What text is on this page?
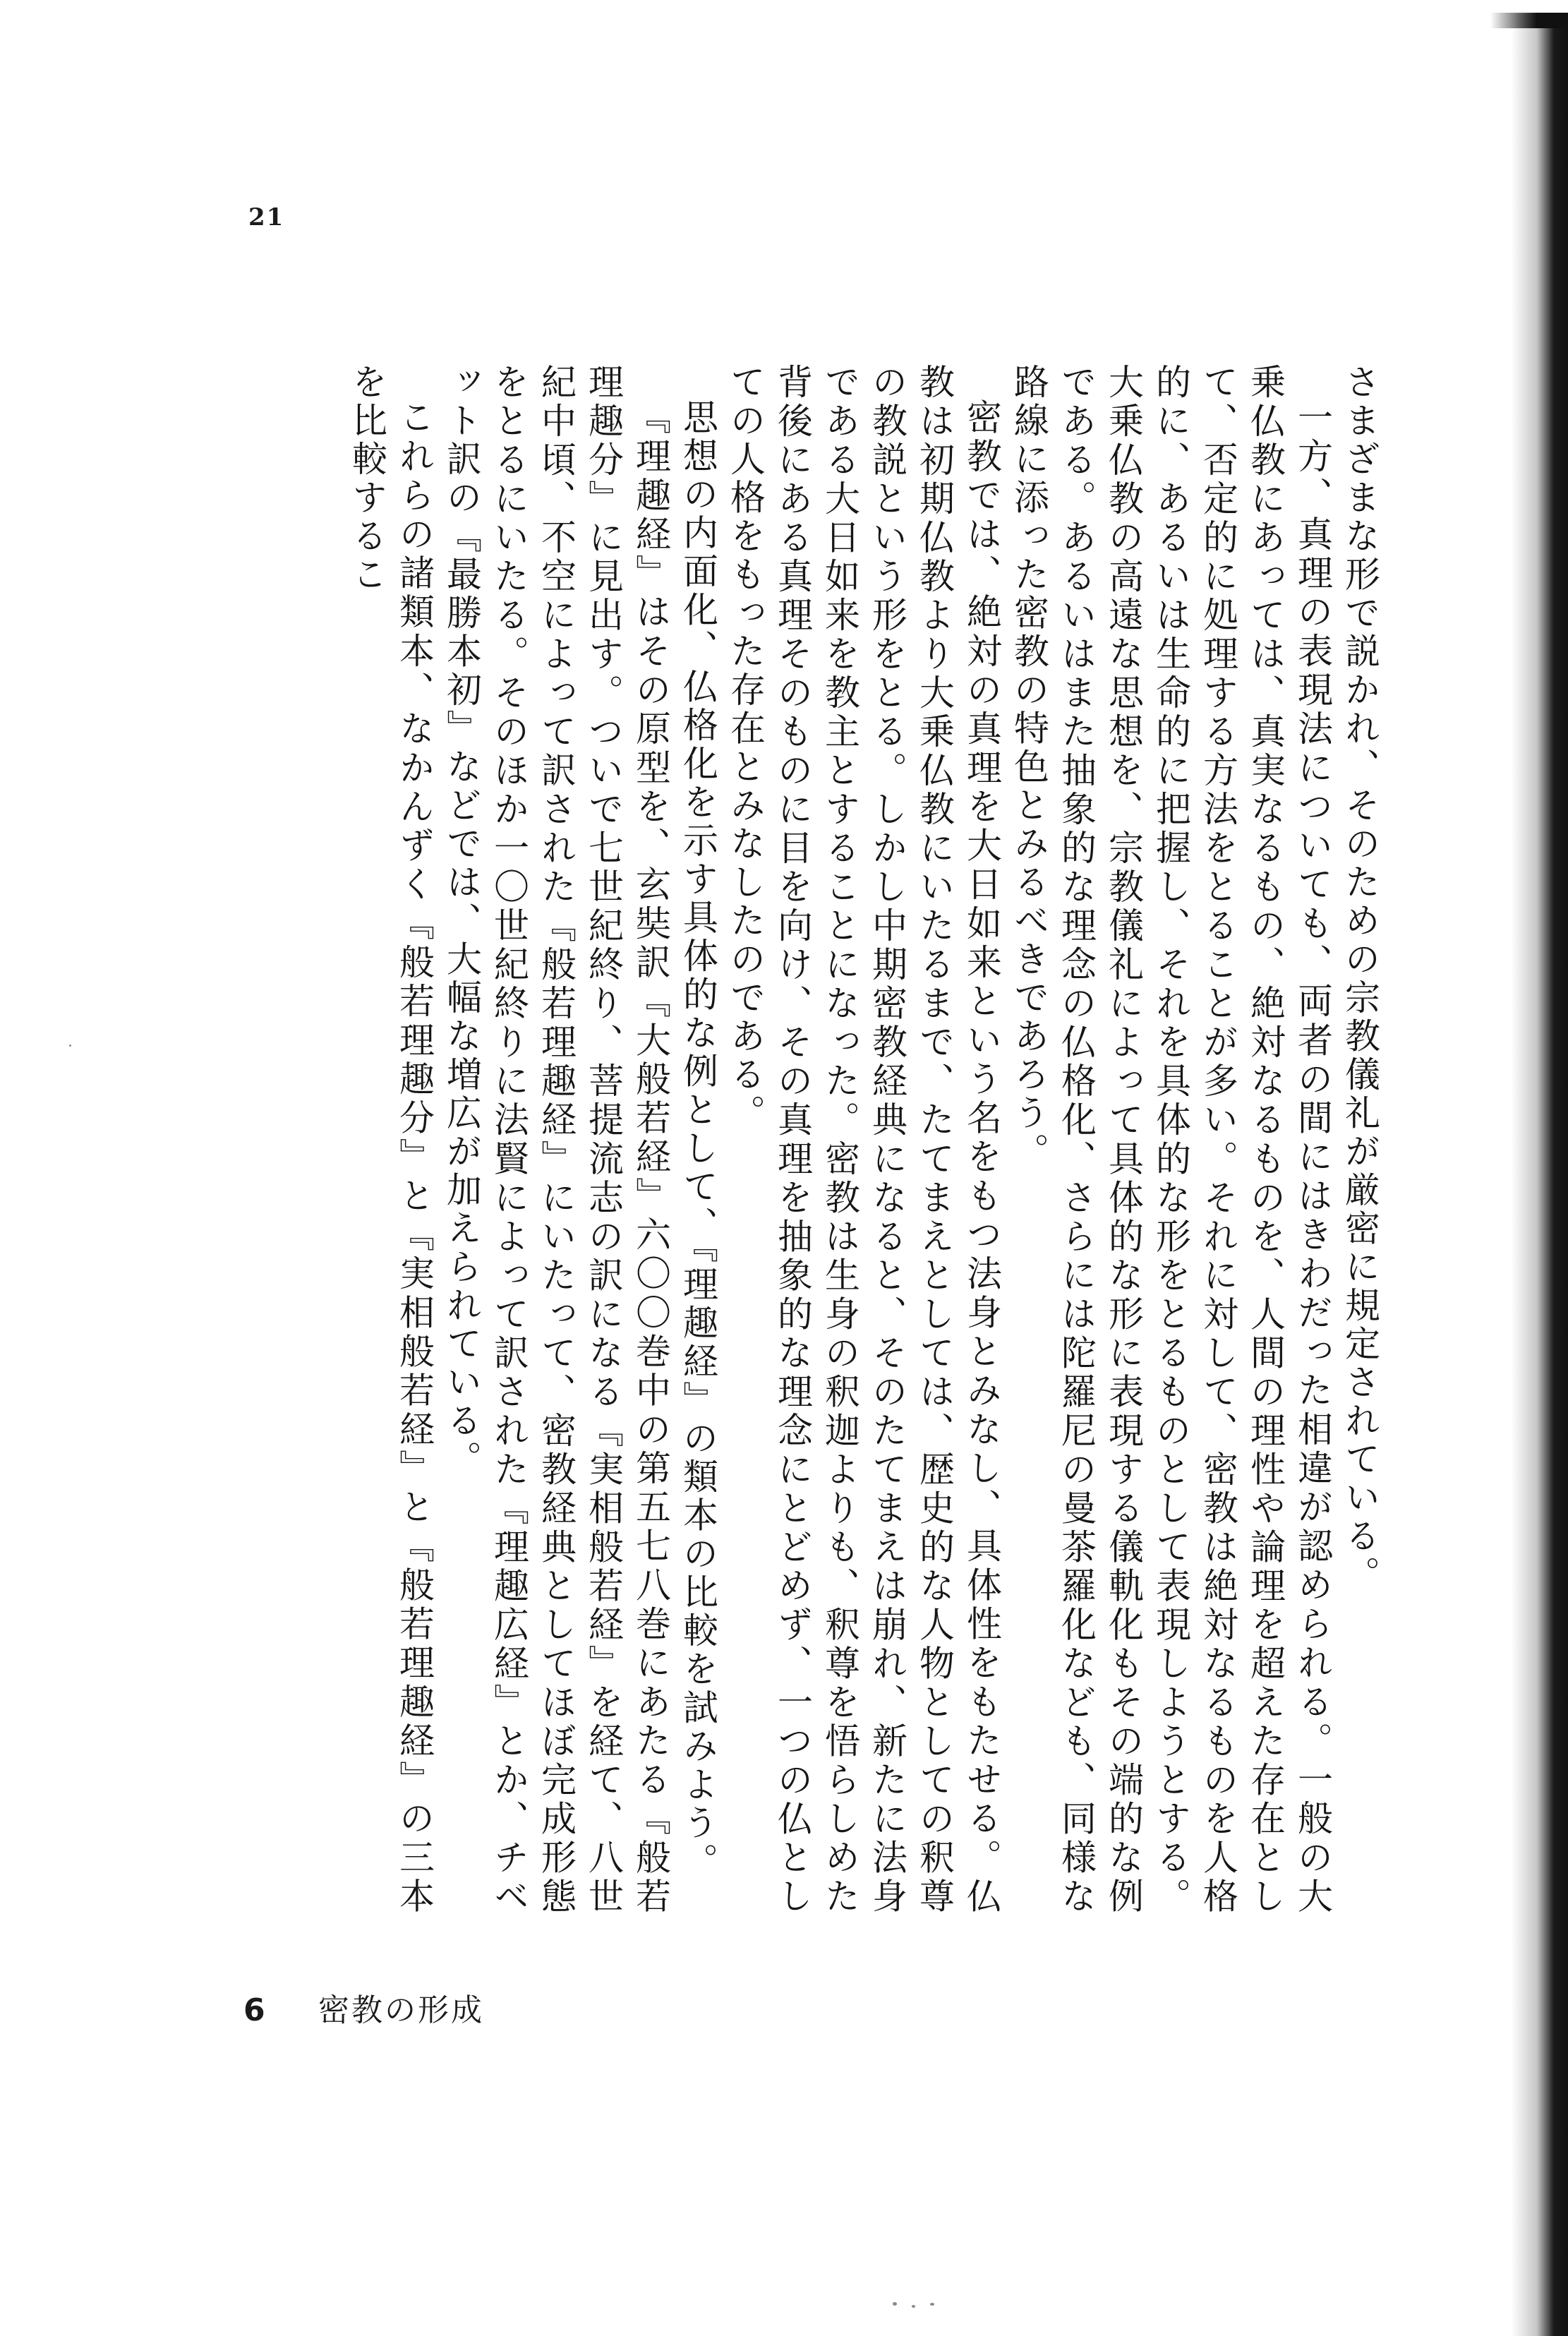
21

さまざまな形で説かれ、そのための宗教儀礼が厳密に規定されている。

一方、真理の表現法についても、両者の間にはきわだった相違が認められる。一般の大乗仏教にあっては、真実なるもの、絶対なるものを、人間の理性や論理を超えた存在として、否定的に処理する方法をとることが多い。それに対して、密教は絶対なるものを人格的に、あるいは生命的に把握し、それを具体的な形をとるものとして表現しようとする。大乗仏教の高遠な思想を、宗教儀礼によって具体的な形に表現する儀軌化もその端的な例である。あるいはまた抽象的な理念の仏格化、さらには陀羅尼の曼茶羅化なども、同様な路線に添った密教の特色とみるべきであろう。

密教では、絶対の真理を大日如来という名をもつ法身とみなし、具体性をもたせる。仏教は初期仏教より大乗仏教にいたるまで、たてまえとしては、歴史的な人物としての釈尊の教説という形をとる。しかし中期密教経典になると、そのたてまえは崩れ、新たに法身である大日如来を教主とすることになった。密教は生身の釈迦よりも、釈尊を悟らしめた背後にある真理そのものに目を向け、その真理を抽象的な理念にとどめず、一つの仏としての人格をもった存在とみなしたのである。

思想の内面化、仏格化を示す具体的な例として、『理趣経』の類本の比較を試みよう。

『理趣経』はその原型を、玄奘訳『大般若経』六〇〇巻中の第五七八巻にあたる『般若理趣分』に見出す。ついで七世紀終り、菩提流志の訳になる『実相般若経』を経て、八世紀中頃、不空によって訳された『般若理趣経』にいたって、密教経典としてほぼ完成形態をとるにいたる。そのほか一〇世紀終りに法賢によって訳された『理趣広経』とか、チベット訳の『最勝本初』などでは、大幅な増広が加えられている。

これらの諸類本、なかんずく『般若理趣分』と『実相般若経』と『般若理趣経』の三本を比較するこ

6 密教の形成
